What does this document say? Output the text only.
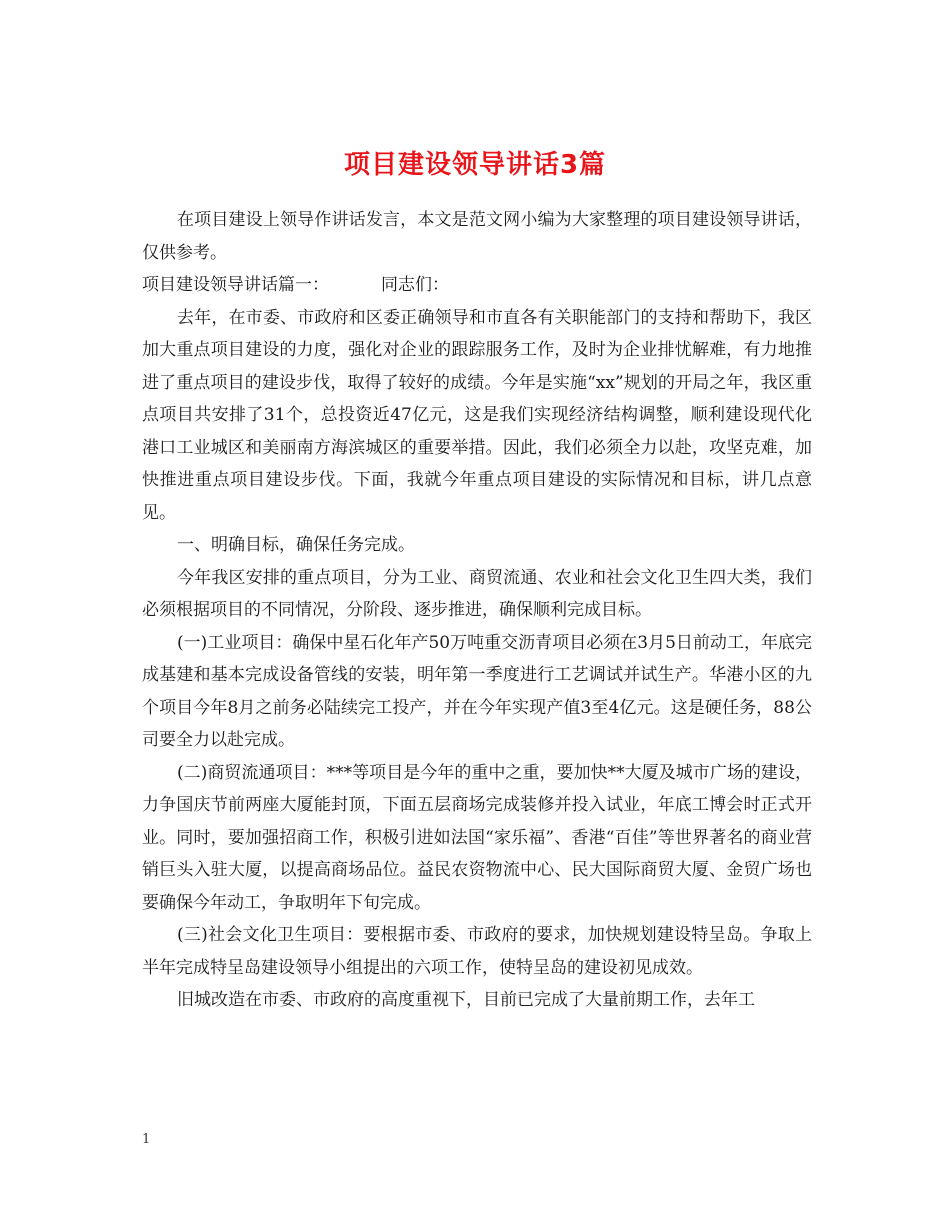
项目建设领导讲话3篇

在项目建设上领导作讲话发言，本文是范文网小编为大家整理的项目建设领导讲话，仅供参考。

项目建设领导讲话篇一：	同志们：

去年，在市委、市政府和区委正确领导和市直各有关职能部门的支持和帮助下，我区加大重点项目建设的力度，强化对企业的跟踪服务工作，及时为企业排忧解难，有力地推进了重点项目的建设步伐，取得了较好的成绩。今年是实施“xx”规划的开局之年，我区重点项目共安排了31个，总投资近47亿元，这是我们实现经济结构调整，顺利建设现代化港口工业城区和美丽南方海滨城区的重要举措。因此，我们必须全力以赴，攻坚克难，加快推进重点项目建设步伐。下面，我就今年重点项目建设的实际情况和目标，讲几点意见。

一、明确目标，确保任务完成。

今年我区安排的重点项目，分为工业、商贸流通、农业和社会文化卫生四大类，我们必须根据项目的不同情况，分阶段、逐步推进，确保顺利完成目标。

(一)工业项目：确保中星石化年产50万吨重交沥青项目必须在3月5日前动工，年底完成基建和基本完成设备管线的安装，明年第一季度进行工艺调试并试生产。华港小区的九个项目今年8月之前务必陆续完工投产，并在今年实现产值3至4亿元。这是硬任务，88公司要全力以赴完成。

(二)商贸流通项目：***等项目是今年的重中之重，要加快**大厦及城市广场的建设，力争国庆节前两座大厦能封顶，下面五层商场完成装修并投入试业，年底工博会时正式开业。同时，要加强招商工作，积极引进如法国“家乐福”、香港“百佳”等世界著名的商业营销巨头入驻大厦，以提高商场品位。益民农资物流中心、民大国际商贸大厦、金贸广场也要确保今年动工，争取明年下旬完成。

(三)社会文化卫生项目：要根据市委、市政府的要求，加快规划建设特呈岛。争取上半年完成特呈岛建设领导小组提出的六项工作，使特呈岛的建设初见成效。

旧城改造在市委、市政府的高度重视下，目前已完成了大量前期工作，去年工

1
